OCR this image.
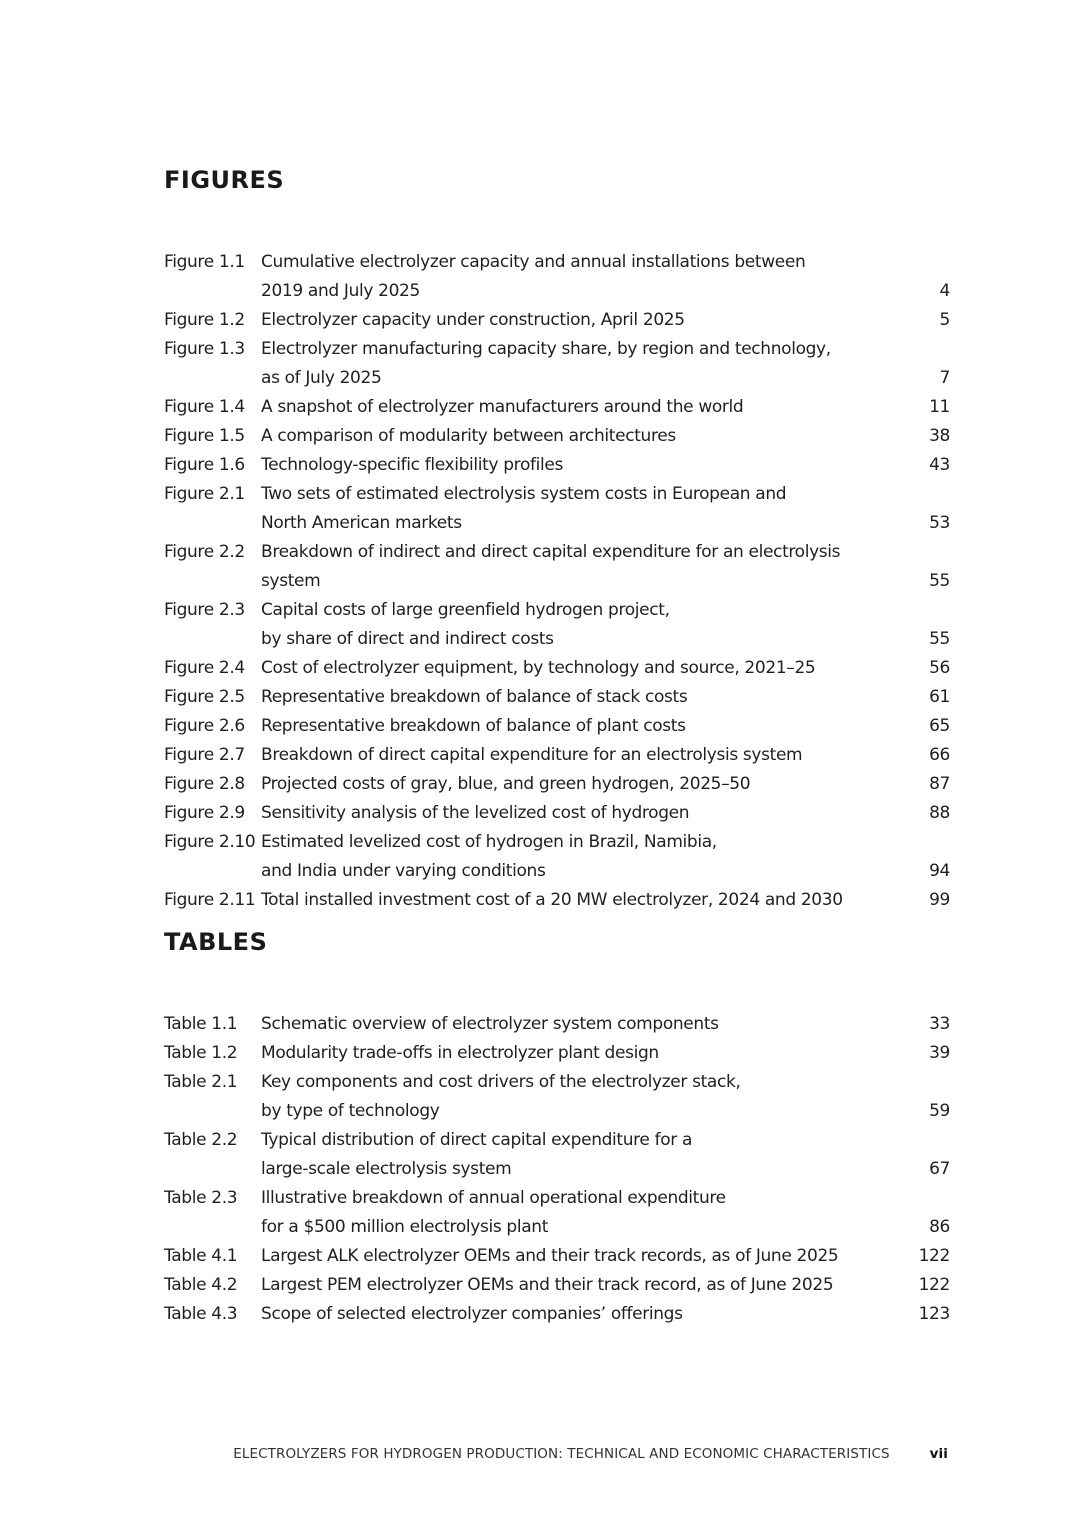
FIGURES
Figure 1.1 Cumulative electrolyzer capacity and annual installations between
2019 and July 2025	4
Figure 1.2 Electrolyzer capacity under construction, April 2025	5
Figure 1.3 Electrolyzer manufacturing capacity share, by region and technology,
as of July 2025	7
Figure 1.4 A snapshot of electrolyzer manufacturers around the world	11
Figure 1.5 A comparison of modularity between architectures	38
Figure 1.6 Technology-specific flexibility profiles	43
Figure 2.1 Two sets of estimated electrolysis system costs in European and
North American markets	53
Figure 2.2 Breakdown of indirect and direct capital expenditure for an electrolysis system	55
Figure 2.3 Capital costs of large greenfield hydrogen project,
by share of direct and indirect costs	55
Figure 2.4 Cost of electrolyzer equipment, by technology and source, 2021–25	56
Figure 2.5 Representative breakdown of balance of stack costs	61
Figure 2.6 Representative breakdown of balance of plant costs	65
Figure 2.7 Breakdown of direct capital expenditure for an electrolysis system	66
Figure 2.8 Projected costs of gray, blue, and green hydrogen, 2025–50	87
Figure 2.9 Sensitivity analysis of the levelized cost of hydrogen	88
Figure 2.10 Estimated levelized cost of hydrogen in Brazil, Namibia,
and India under varying conditions	94
Figure 2.11 Total installed investment cost of a 20 MW electrolyzer, 2024 and 2030	99
TABLES
Table 1.1	Schematic overview of electrolyzer system components	33
Table 1.2	Modularity trade-offs in electrolyzer plant design	39
Table 2.1	Key components and cost drivers of the electrolyzer stack,
by type of technology	59
Table 2.2	Typical distribution of direct capital expenditure for a
large-scale electrolysis system	67
Table 2.3	Illustrative breakdown of annual operational expenditure
for a $500 million electrolysis plant	86
Table 4.1	Largest ALK electrolyzer OEMs and their track records, as of June 2025	122
Table 4.2	Largest PEM electrolyzer OEMs and their track record, as of June 2025	122
Table 4.3	Scope of selected electrolyzer companies’ offerings	123
ELECTROLYZERS FOR HYDROGEN PRODUCTION: TECHNICAL AND ECONOMIC CHARACTERISTICS	vii
